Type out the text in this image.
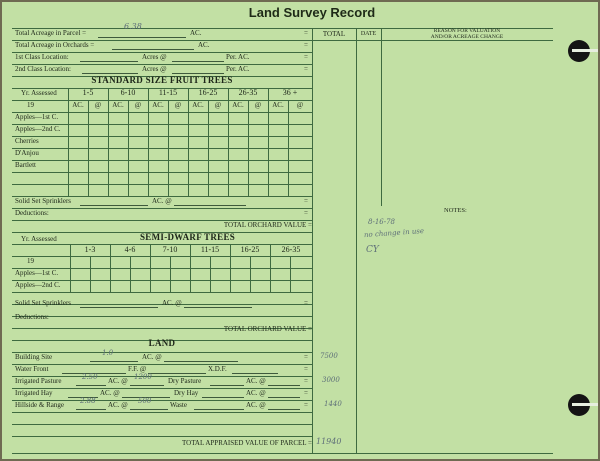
Land Survey Record
TOTAL	DATE	REASON FOR VALUATION
AND/OR ACREAGE CHANGE
NOTES:
Total Acreage in Parcel =
6.38
AC.	=
Total Acreage in Orchards =	AC.	=
1st Class Location:	Acres @	Per. AC.	=
2nd Class Location:	Acres @	Per. AC.	=
STANDARD SIZE FRUIT TREES
Yr. Assessed	1-5	6-10	11-15	16-25	26-35	36 +
19	AC.	@	AC.	@	AC.	@	AC.	@	AC.	@	AC.	@
Apples—1st C.
Apples—2nd C.
Cherries
D'Anjou
Bartlett
Solid Set Sprinklers	AC. @	=
Deductions:	=
TOTAL ORCHARD VALUE =
Yr. Assessed	SEMI-DWARF TREES
19
1-3	4-6	7-10	11-15	16-25	26-35
Apples—1st C.
Apples—2nd C.
Solid Set Sprinklers	AC. @	=
Deductions:
TOTAL ORCHARD VALUE =
LAND
Building Site	1.0	AC. @	= 7500
Water Front	F.F. @	X.D.F.	=
Irrigated Pasture	2.50 AC. @ 1200 Dry Pasture	AC. @	= 3000
Irrigated Hay	AC. @	Dry Hay	AC. @	=
Hillside & Range 2.88 AC. @ 500	Waste	AC. @	= 1440
TOTAL APPRAISED VALUE OF PARCEL = 11940
8-16-78
no change in use
CY
